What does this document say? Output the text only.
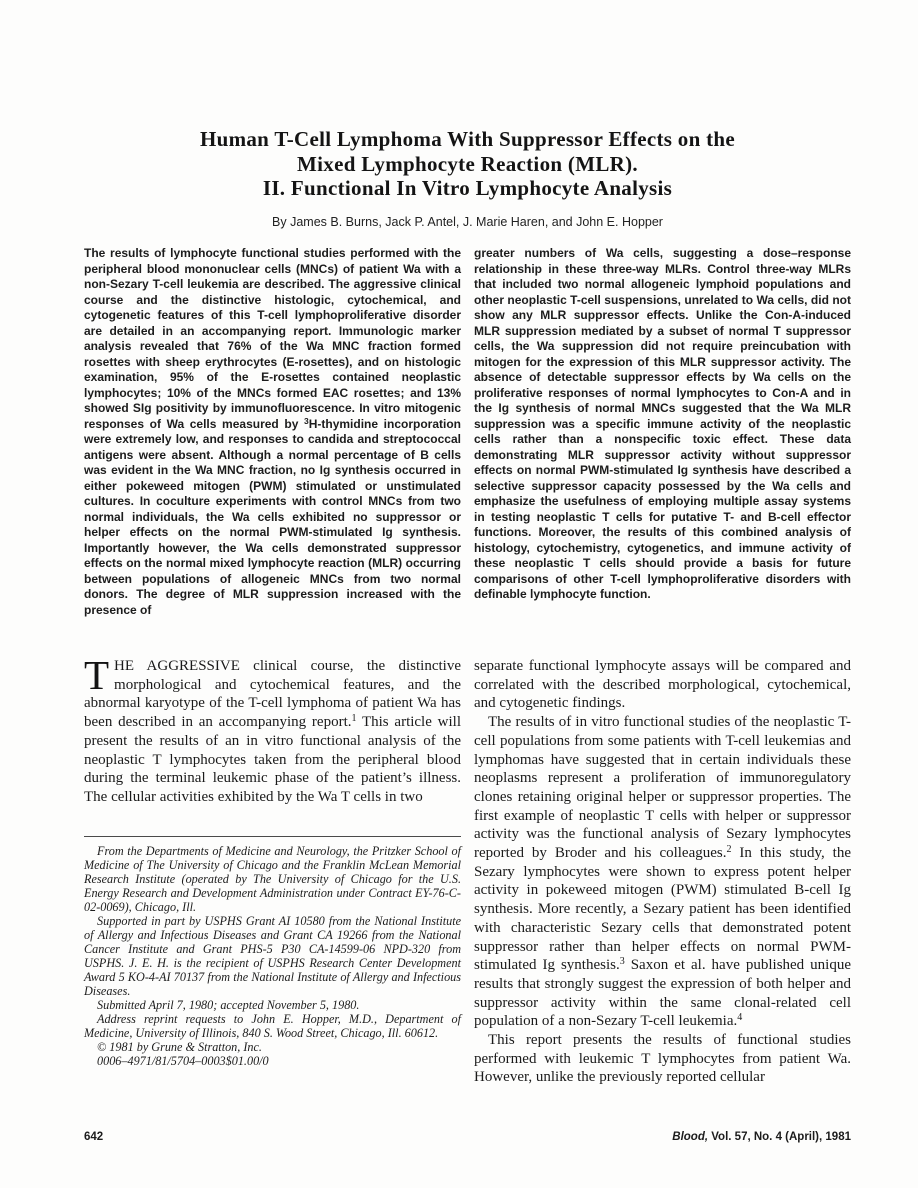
Human T-Cell Lymphoma With Suppressor Effects on the
Mixed Lymphocyte Reaction (MLR).
II. Functional In Vitro Lymphocyte Analysis
By James B. Burns, Jack P. Antel, J. Marie Haren, and John E. Hopper
The results of lymphocyte functional studies performed with the peripheral blood mononuclear cells (MNCs) of patient Wa with a non-Sezary T-cell leukemia are described. The aggressive clinical course and the distinctive histologic, cytochemical, and cytogenetic features of this T-cell lymphoproliferative disorder are detailed in an accompanying report. Immunologic marker analysis revealed that 76% of the Wa MNC fraction formed rosettes with sheep erythrocytes (E-rosettes), and on histologic examination, 95% of the E-rosettes contained neoplastic lymphocytes; 10% of the MNCs formed EAC rosettes; and 13% showed SIg positivity by immunofluorescence. In vitro mitogenic responses of Wa cells measured by $^3$H-thymidine incorporation were extremely low, and responses to candida and streptococcal antigens were absent. Although a normal percentage of B cells was evident in the Wa MNC fraction, no Ig synthesis occurred in either pokeweed mitogen (PWM) stimulated or unstimulated cultures. In coculture experiments with control MNCs from two normal individuals, the Wa cells exhibited no suppressor or helper effects on the normal PWM-stimulated Ig synthesis. Importantly however, the Wa cells demonstrated suppressor effects on the normal mixed lymphocyte reaction (MLR) occurring between populations of allogeneic MNCs from two normal donors. The degree of MLR suppression increased with the presence of
greater numbers of Wa cells, suggesting a dose–response relationship in these three-way MLRs. Control three-way MLRs that included two normal allogeneic lymphoid populations and other neoplastic T-cell suspensions, unrelated to Wa cells, did not show any MLR suppressor effects. Unlike the Con-A-induced MLR suppression mediated by a subset of normal T suppressor cells, the Wa suppression did not require preincubation with mitogen for the expression of this MLR suppressor activity. The absence of detectable suppressor effects by Wa cells on the proliferative responses of normal lymphocytes to Con-A and in the Ig synthesis of normal MNCs suggested that the Wa MLR suppression was a specific immune activity of the neoplastic cells rather than a nonspecific toxic effect. These data demonstrating MLR suppressor activity without suppressor effects on normal PWM-stimulated Ig synthesis have described a selective suppressor capacity possessed by the Wa cells and emphasize the usefulness of employing multiple assay systems in testing neoplastic T cells for putative T- and B-cell effector functions. Moreover, the results of this combined analysis of histology, cytochemistry, cytogenetics, and immune activity of these neoplastic T cells should provide a basis for future comparisons of other T-cell lymphoproliferative disorders with definable lymphocyte function.

THE AGGRESSIVE clinical course, the distinctive morphological and cytochemical features, and the abnormal karyotype of the T-cell lymphoma of patient Wa has been described in an accompanying report.$^1$ This article will present the results of an in vitro functional analysis of the neoplastic T lymphocytes taken from the peripheral blood during the terminal leukemic phase of the patient’s illness. The cellular activities exhibited by the Wa T cells in two

From the Departments of Medicine and Neurology, the Pritzker School of Medicine of The University of Chicago and the Franklin McLean Memorial Research Institute (operated by The University of Chicago for the U.S. Energy Research and Development Administration under Contract EY-76-C-02-0069), Chicago, Ill.

Supported in part by USPHS Grant AI 10580 from the National Institute of Allergy and Infectious Diseases and Grant CA 19266 from the National Cancer Institute and Grant PHS-5 P30 CA-14599-06 NPD-320 from USPHS. J. E. H. is the recipient of USPHS Research Center Development Award 5 KO-4-AI 70137 from the National Institute of Allergy and Infectious Diseases.

Submitted April 7, 1980; accepted November 5, 1980.

Address reprint requests to John E. Hopper, M.D., Department of Medicine, University of Illinois, 840 S. Wood Street, Chicago, Ill. 60612.

© 1981 by Grune & Stratton, Inc.

0006–4971/81/5704–0003$01.00/0

separate functional lymphocyte assays will be compared and correlated with the described morphological, cytochemical, and cytogenetic findings.

The results of in vitro functional studies of the neoplastic T-cell populations from some patients with T-cell leukemias and lymphomas have suggested that in certain individuals these neoplasms represent a proliferation of immunoregulatory clones retaining original helper or suppressor properties. The first example of neoplastic T cells with helper or suppressor activity was the functional analysis of Sezary lymphocytes reported by Broder and his colleagues.$^2$ In this study, the Sezary lymphocytes were shown to express potent helper activity in pokeweed mitogen (PWM) stimulated B-cell Ig synthesis. More recently, a Sezary patient has been identified with characteristic Sezary cells that demonstrated potent suppressor rather than helper effects on normal PWM-stimulated Ig synthesis.$^3$ Saxon et al. have published unique results that strongly suggest the expression of both helper and suppressor activity within the same clonal-related cell population of a non-Sezary T-cell leukemia.$^4$

This report presents the results of functional studies performed with leukemic T lymphocytes from patient Wa. However, unlike the previously reported cellular

642	Blood, Vol. 57, No. 4 (April), 1981
